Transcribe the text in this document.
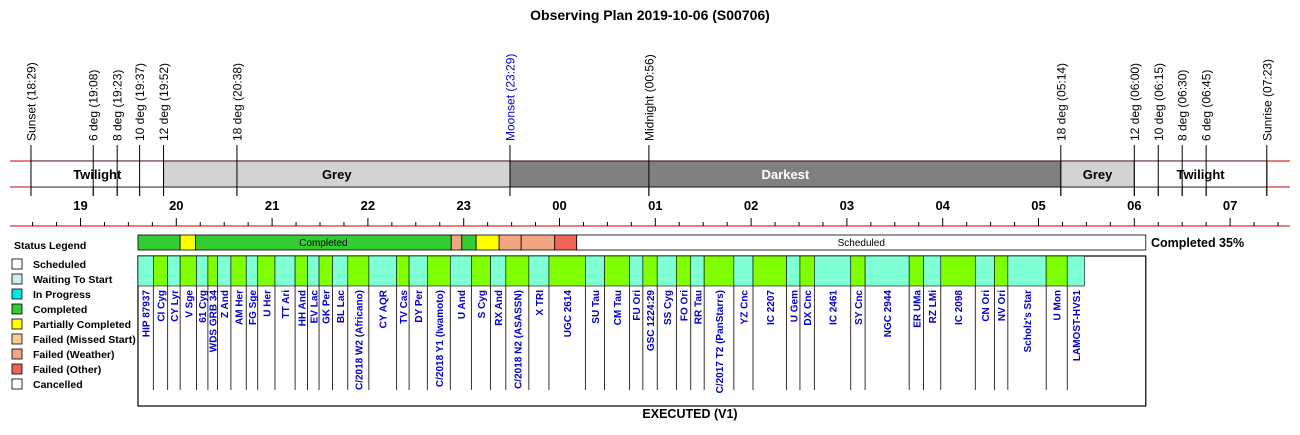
Observing Plan 2019-10-06 (S00706)
Sunset (18:29)	6 deg (19:08) 8 deg (19:23) 10 deg (19:37) 12 deg (19:52)	18 deg (20:38)	Moonset (23:29)	Midnight (00:56)	18 deg (05:14)	12 deg (06:00) 10 deg (06:15) 8 deg (06:30) 6 deg (06:45)	Sunrise (07:23)
Twilight	Grey	Darkest	Grey	Twilight
19	20	21	22	23	00	01	02	03	04	05	06	07
Status Legend
Scheduled
Waiting To Start
In Progress
Completed
Partially Completed
Failed (Missed Start)
Failed (Weather)
Failed (Other)
Cancelled
Completed	Scheduled	Completed 35%
HIP 87937 CI Cyg CY Lyr V Sge 61 Cyg WDS GRB 34 Z And AM Her FG Sge U Her TT Ari HH And EV Lac GK Per BL Lac C/2018 W2 (Africano) CY AQR TV Cas DY Per C/2018 Y1 (Iwamoto) U And S Cyg RX And C/2018 N2 (ASASSN) X TRI UGC 2614 SU Tau CM Tau FU Ori GSC 1224:29 SS Cyg FO Ori RR Tau C/2017 T2 (PanStarrs) YZ Cnc IC 2207 U Gem DX Cnc IC 2461 SY Cnc NGC 2944 ER UMa RZ LMi IC 2098 CN Ori NV Ori Scholz's Star U Mon LAMOST-HVS1
EXECUTED (V1)
